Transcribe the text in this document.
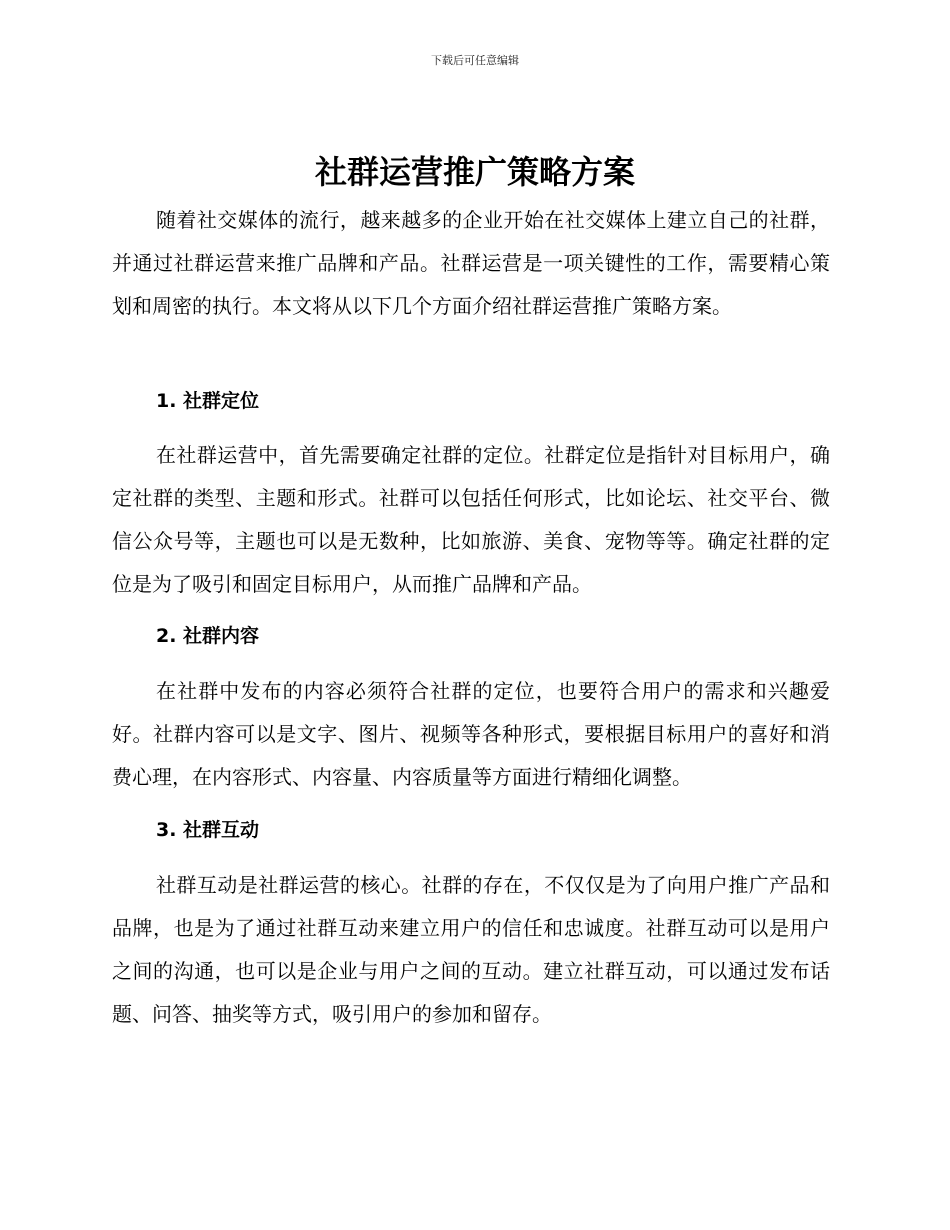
下载后可任意编辑
社群运营推广策略方案

随着社交媒体的流行，越来越多的企业开始在社交媒体上建立自己的社群，并通过社群运营来推广品牌和产品。社群运营是一项关键性的工作，需要精心策划和周密的执行。本文将从以下几个方面介绍社群运营推广策略方案。

1. 社群定位

在社群运营中，首先需要确定社群的定位。社群定位是指针对目标用户，确定社群的类型、主题和形式。社群可以包括任何形式，比如论坛、社交平台、微信公众号等，主题也可以是无数种，比如旅游、美食、宠物等等。确定社群的定位是为了吸引和固定目标用户，从而推广品牌和产品。

2. 社群内容

在社群中发布的内容必须符合社群的定位，也要符合用户的需求和兴趣爱好。社群内容可以是文字、图片、视频等各种形式，要根据目标用户的喜好和消费心理，在内容形式、内容量、内容质量等方面进行精细化调整。

3. 社群互动

社群互动是社群运营的核心。社群的存在，不仅仅是为了向用户推广产品和品牌，也是为了通过社群互动来建立用户的信任和忠诚度。社群互动可以是用户之间的沟通，也可以是企业与用户之间的互动。建立社群互动，可以通过发布话题、问答、抽奖等方式，吸引用户的参加和留存。
